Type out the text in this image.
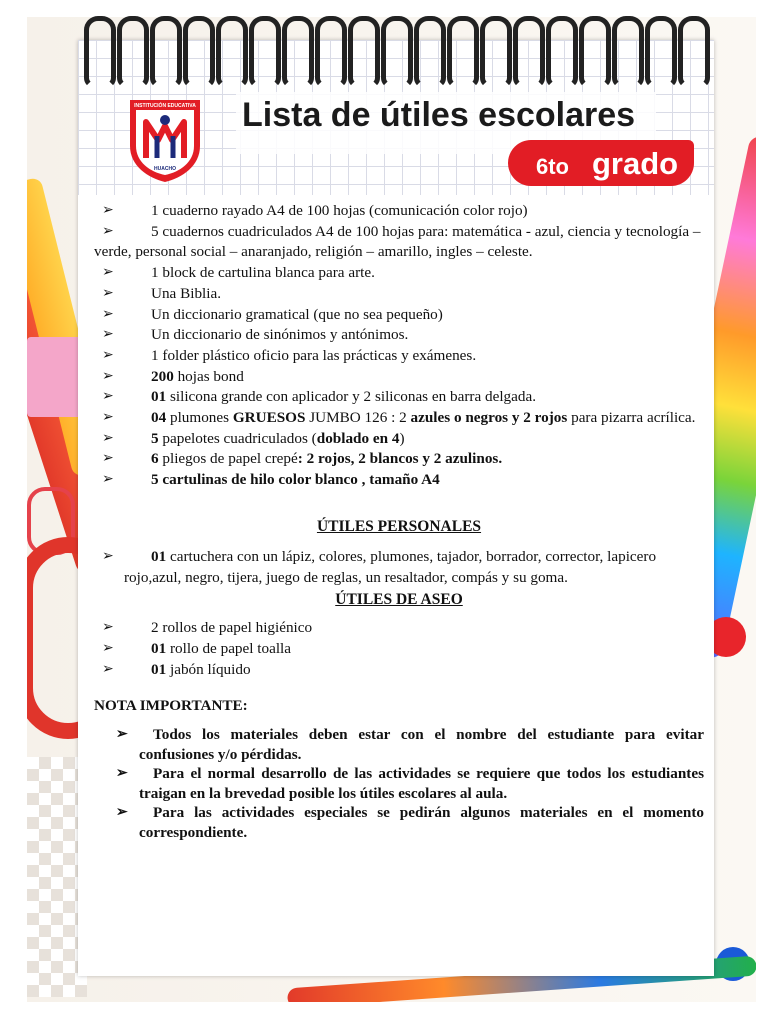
INSTITUCIÓN EDUCATIVA
HUACHO
Lista de útiles escolares
6to grado
➢	1 cuaderno rayado A4 de 100 hojas (comunicación color rojo)
➢	5 cuadernos cuadriculados A4 de 100 hojas para: matemática - azul, ciencia y tecnología – verde, personal social – anaranjado, religión – amarillo, ingles – celeste.
➢	1 block de cartulina blanca para arte.
➢	Una Biblia.
➢	Un diccionario gramatical (que no sea pequeño)
➢	Un diccionario de sinónimos y antónimos.
➢	1 folder plástico oficio para las prácticas y exámenes.
➢	200 hojas bond
➢	01 silicona grande con aplicador y 2 siliconas en barra delgada.
➢	04 plumones GRUESOS JUMBO 126 : 2 azules o negros y 2 rojos para pizarra acrílica.
➢	5 papelotes cuadriculados (doblado en 4)
➢	6 pliegos de papel crepé: 2 rojos, 2 blancos y 2 azulinos.
➢	5 cartulinas de hilo color blanco , tamaño A4
ÚTILES PERSONALES
➢	01 cartuchera con un lápiz, colores, plumones, tajador, borrador, corrector, lapicero rojo,azul, negro, tijera, juego de reglas, un resaltador, compás y su goma.
ÚTILES DE ASEO
➢	2 rollos de papel higiénico
➢	01 rollo de papel toalla
➢	01 jabón líquido
NOTA IMPORTANTE:
➢	Todos los materiales deben estar con el nombre del estudiante para evitar confusiones y/o pérdidas.
➢	Para el normal desarrollo de las actividades se requiere que todos los estudiantes traigan en la brevedad posible los útiles escolares al aula.
➢	Para las actividades especiales se pedirán algunos materiales en el momento correspondiente.
